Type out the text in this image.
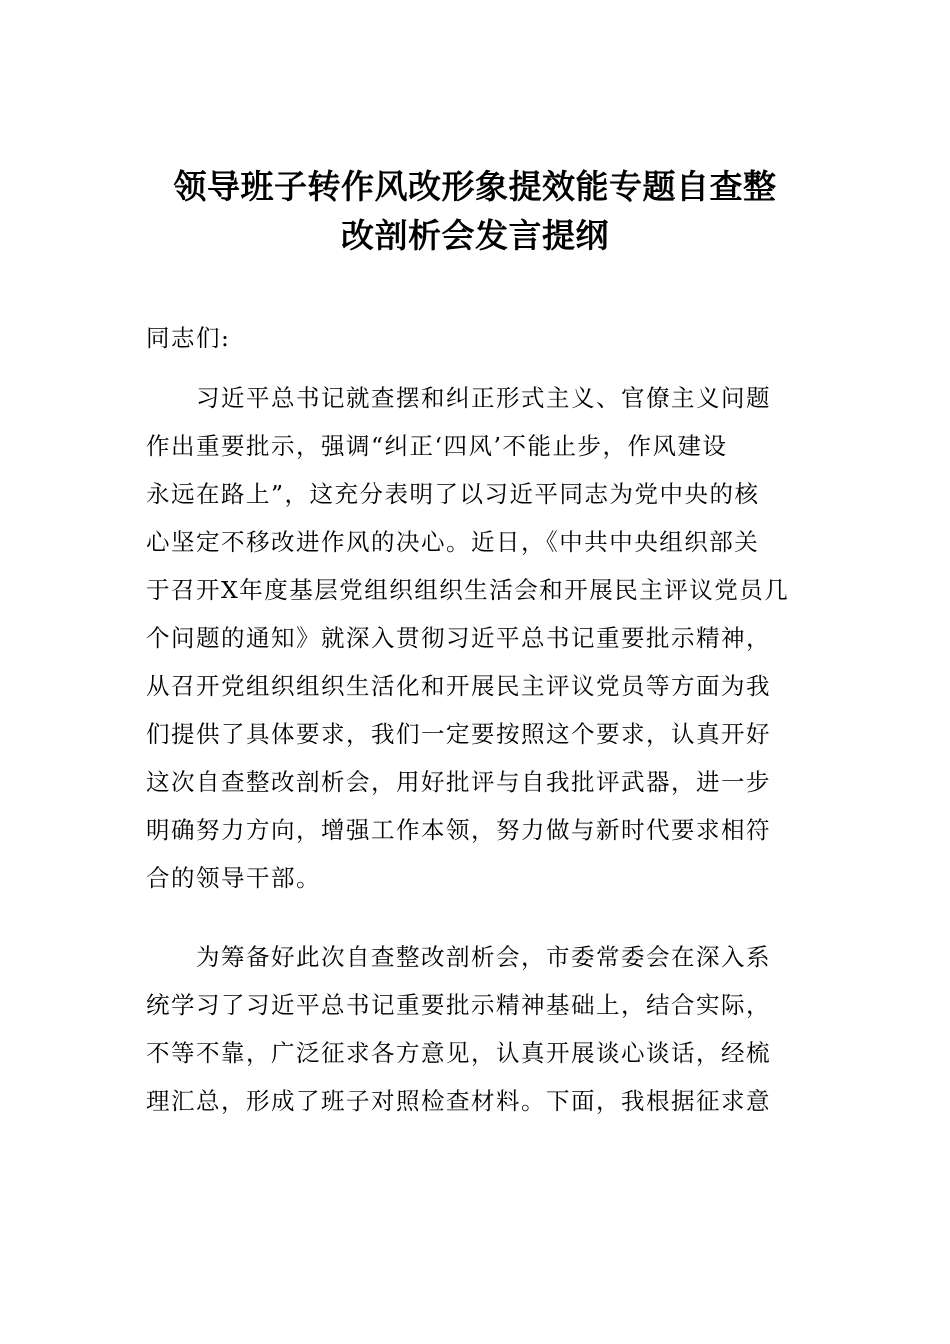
领导班子转作风改形象提效能专题自查整
改剖析会发言提纲
同志们:
习近平总书记就查摆和纠正形式主义、官僚主义问题
作出重要批示，强调“纠正‘四风’不能止步，作风建设
永远在路上”，这充分表明了以习近平同志为党中央的核
心坚定不移改进作风的决心。近日，《中共中央组织部关
于召开X年度基层党组织组织生活会和开展民主评议党员几
个问题的通知》就深入贯彻习近平总书记重要批示精神，
从召开党组织组织生活化和开展民主评议党员等方面为我
们提供了具体要求，我们一定要按照这个要求，认真开好
这次自查整改剖析会，用好批评与自我批评武器，进一步
明确努力方向，增强工作本领，努力做与新时代要求相符
合的领导干部。
为筹备好此次自查整改剖析会，市委常委会在深入系
统学习了习近平总书记重要批示精神基础上，结合实际，
不等不靠，广泛征求各方意见，认真开展谈心谈话，经梳
理汇总，形成了班子对照检查材料。下面，我根据征求意
